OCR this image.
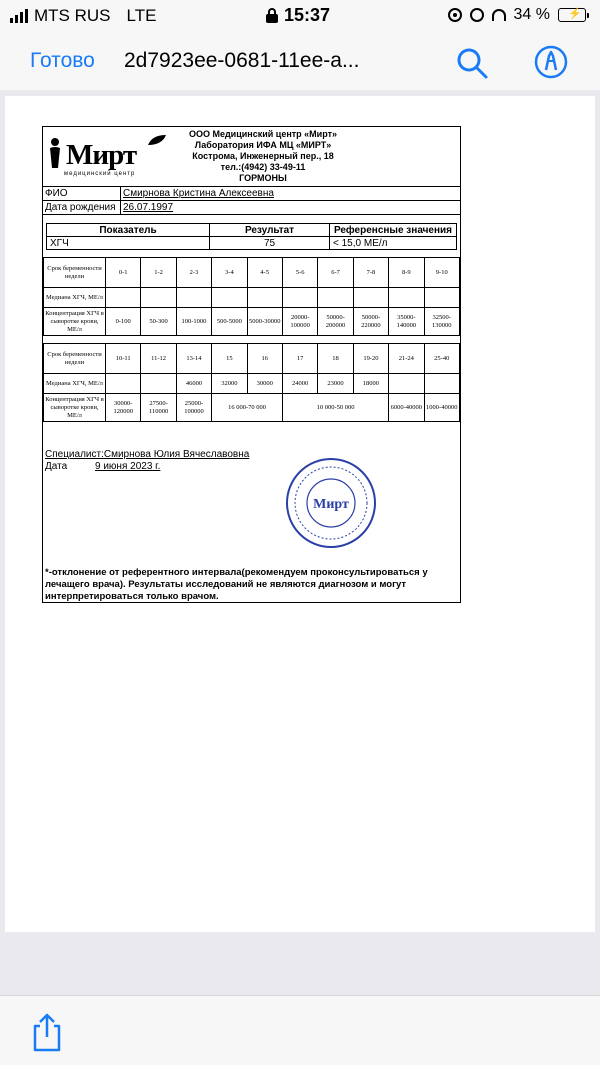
MTS RUS LTE	15:37	34 % ⚡
Готово 2d7923ee-0681-11ee-a...
Мирт
медицинский центр
ООО Медицинский центр «Мирт»
Лаборатория ИФА МЦ «МИРТ»
Кострома, Инженерный пер., 18
тел.:(4942) 33-49-11
ГОРМОНЫ
ФИО	Смирнова Кристина Алексеевна
Дата рождения 26.07.1997
Показатель	Результат	Референсные значения
ХГЧ	75	< 15,0 МЕ/л
Срок беременности недели	0-1	1-2	2-3	3-4	4-5	5-6	6-7	7-8	8-9	9-10
Медиана ХГЧ, МЕ/л										
Концентрация ХГЧ в сыворотке крови, МЕ/л	0-100	50-300	100-1000	500-5000	5000-30000	20000-100000	50000-200000	50000-220000	35000-140000	32500-130000
Срок беременности недели	10-11	11-12	13-14	15	16	17	18	19-20	21-24	25-40
Медиана ХГЧ, МЕ/л			46000	32000	30000	24000	23000	18000		
Концентрация ХГЧ в сыворотке крови, МЕ/л	30000-120000	27500-110000	25000-100000	16 000-70 000		10 000-50 000			6000-40000	1000-40000
Специалист:Смирнова Юлия Вячеславовна
Дата	9 июня 2023 г.
Мирт
*-отклонение от референтного интервала(рекомендуем проконсультироваться у лечащего врача). Результаты исследований не являются диагнозом и могут интерпретироваться только врачом.
